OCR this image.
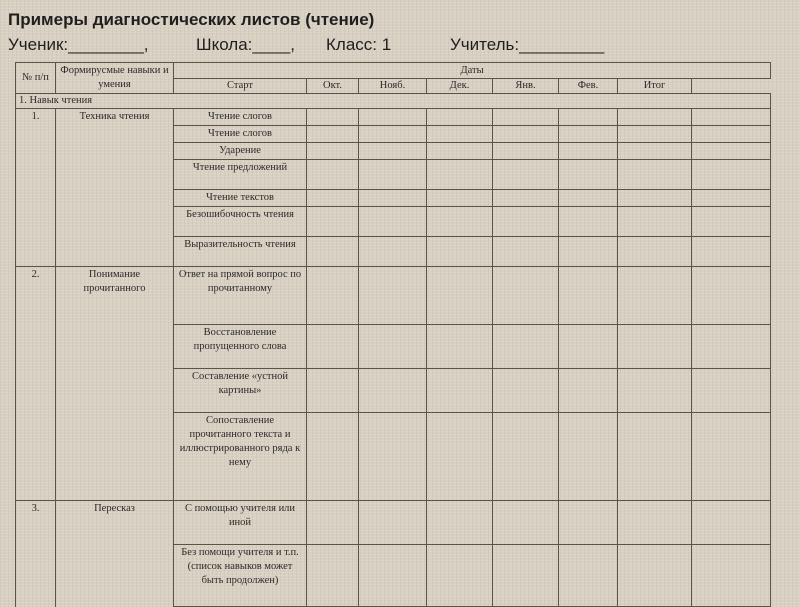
Примеры диагностических листов (чтение)
Ученик:________,	Школа:____, Класс: 1	Учитель:_________
№ п/п	Формирусмые навыки и умения	Даты							
		Старт	Окт.	Нояб.	Дек.	Янв.	Фев.	Итог	
1. Навык чтения									
1.	Техника чтения	Чтение слогов							
		Чтение слогов							
		Ударение							
		Чтение предложений							
		Чтение текстов							
		Безошибочность чтения							
		Выразительность чтения							
2.	Понимание прочитанного	Ответ на прямой вопрос по прочитанному							
		Восстановление пропущенного слова							
		Составление «устной картины»							
		Сопоставление прочитанного текста и иллюстрированного ряда к нему							
3.	Пересказ	С помощью учителя или иной							
		Без помощи учителя и т.п. (список навыков может быть продолжен)							
